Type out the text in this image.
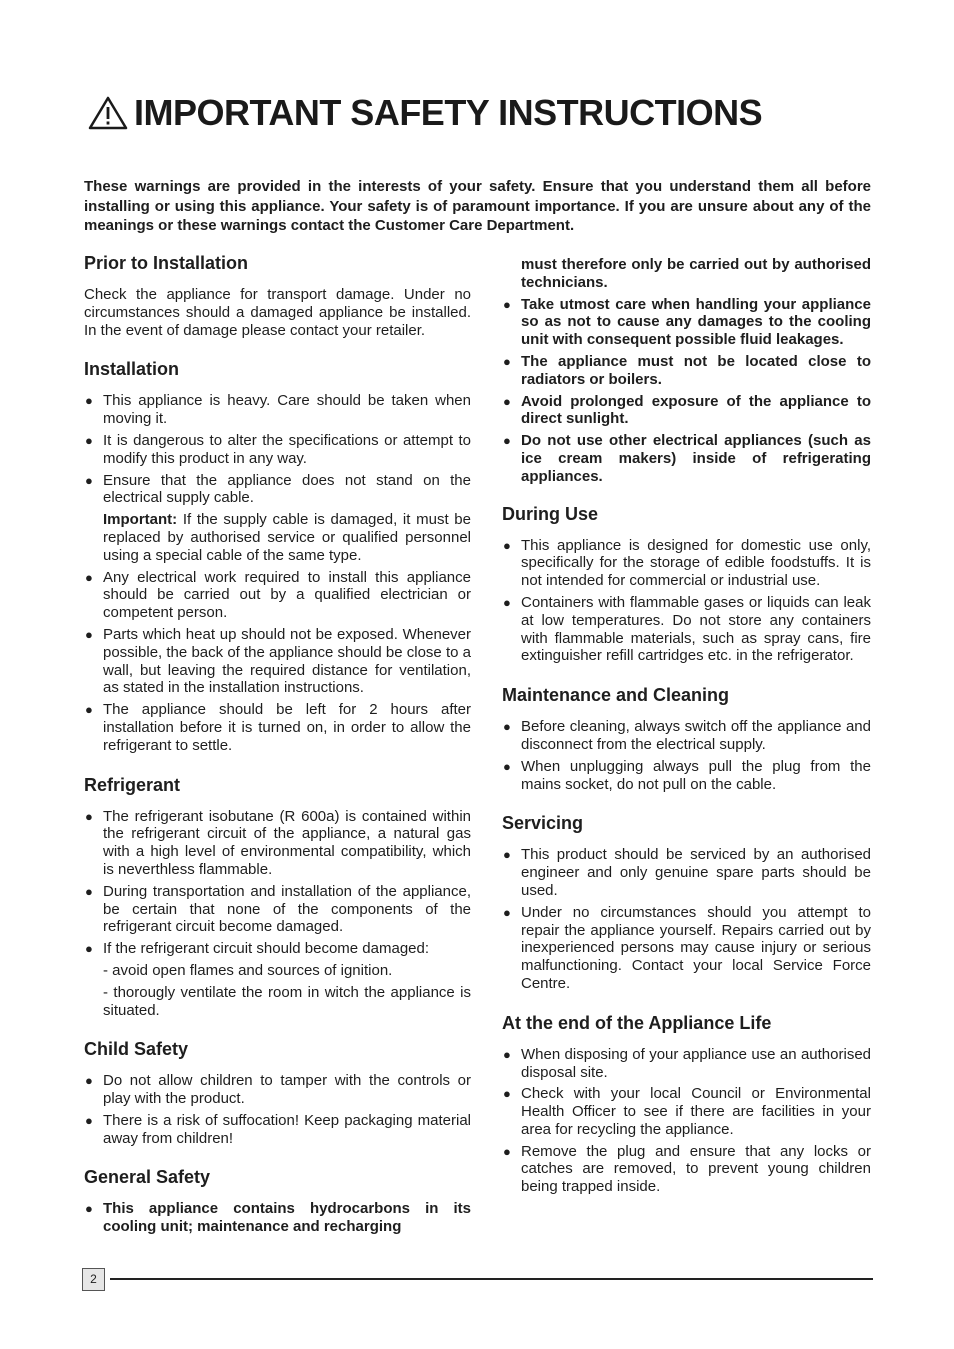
IMPORTANT SAFETY INSTRUCTIONS

These warnings are provided in the interests of your safety. Ensure that you understand them all before installing or using this appliance. Your safety is of paramount importance. If you are unsure about any of the meanings or these warnings contact the Customer Care Department.

Prior to Installation

Check the appliance for transport damage. Under no circumstances should a damaged appliance be installed. In the event of damage please contact your retailer.

Installation
● This appliance is heavy. Care should be taken when moving it.
● It is dangerous to alter the specifications or attempt to modify this product in any way.
● Ensure that the appliance does not stand on the electrical supply cable.
Important: If the supply cable is damaged, it must be replaced by authorised service or qualified personnel using a special cable of the same type.
● Any electrical work required to install this appliance should be carried out by a qualified electrician or competent person.
● Parts which heat up should not be exposed. Whenever possible, the back of the appliance should be close to a wall, but leaving the required distance for ventilation, as stated in the installation instructions.
● The appliance should be left for 2 hours after installation before it is turned on, in order to allow the refrigerant to settle.
Refrigerant
● The refrigerant isobutane (R 600a) is contained within the refrigerant circuit of the appliance, a natural gas with a high level of environmental compatibility, which is neverthless flammable.
● During transportation and installation of the appliance, be certain that none of the components of the refrigerant circuit become damaged.
● If the refrigerant circuit should become damaged:
- avoid open flames and sources of ignition.
- thorougly ventilate the room in witch the appliance is situated.
Child Safety
● Do not allow children to tamper with the controls or play with the product.
● There is a risk of suffocation! Keep packaging material away from children!
General Safety
● This appliance contains hydrocarbons in its cooling unit; maintenance and recharging
must therefore only be carried out by authorised technicians.
● Take utmost care when handling your appliance so as not to cause any damages to the cooling unit with consequent possible fluid leakages.
● The appliance must not be located close to radiators or boilers.
● Avoid prolonged exposure of the appliance to direct sunlight.
● Do not use other electrical appliances (such as ice cream makers) inside of refrigerating appliances.
During Use
● This appliance is designed for domestic use only, specifically for the storage of edible foodstuffs. It is not intended for commercial or industrial use.
● Containers with flammable gases or liquids can leak at low temperatures. Do not store any containers with flammable materials, such as spray cans, fire extinguisher refill cartridges etc. in the refrigerator.
Maintenance and Cleaning
● Before cleaning, always switch off the appliance and disconnect from the electrical supply.
● When unplugging always pull the plug from the mains socket, do not pull on the cable.
Servicing
● This product should be serviced by an authorised engineer and only genuine spare parts should be used.
● Under no circumstances should you attempt to repair the appliance yourself. Repairs carried out by inexperienced persons may cause injury or serious malfunctioning. Contact your local Service Force Centre.
At the end of the Appliance Life
● When disposing of your appliance use an authorised disposal site.
● Check with your local Council or Environmental Health Officer to see if there are facilities in your area for recycling the appliance.
● Remove the plug and ensure that any locks or catches are removed, to prevent young children being trapped inside.
2
